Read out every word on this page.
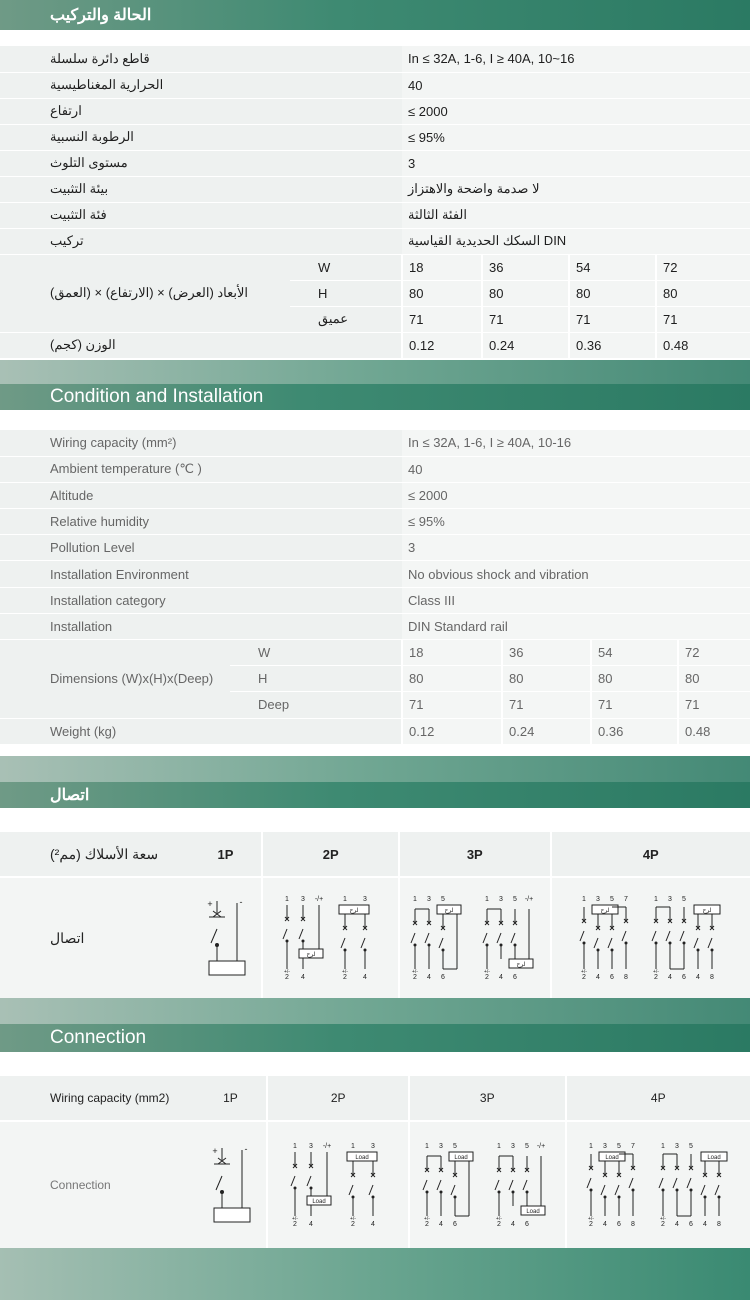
الحالة والتركيب
قاطع دائرة سلسلة		In ≤ 32A, 1-6, I ≥ 40A, 10~16			
الحرارية المغناطيسية		40			
ارتفاع		≤ 2000			
الرطوبة النسبية		≤ 95%			
مستوى التلوث		3			
بيئة التثبيت		لا صدمة واضحة والاهتزاز			
فئة التثبيت		الفئة الثالثة			
تركيب		السكك الحديدية القياسية DIN			
(الأبعاد (العرض) × (الارتفاع) × (العمق	W	18	36	54	72
	H	80	80	80	80
	عميق	71	71	71	71
(الوزن (كجم		0.12	0.24	0.36	0.48
Condition and Installation
Wiring capacity (mm²)		In ≤ 32A, 1-6, I ≥ 40A, 10-16			
Ambient temperature (℃ )		40			
Altitude		≤ 2000			
Relative humidity		≤ 95%			
Pollution Level		3			
Installation Environment		No obvious shock and vibration			
Installation category		Class III			
Installation		DIN Standard rail			
Dimensions (W)x(H)x(Deep)	W	18	36	54	72
	H	80	80	80	80
	Deep	71	71	71	71
Weight (kg)		0.12	0.24	0.36	0.48
اتصال
(سعة الأسلاك (مم²	1P	2P	3P	4P
اتصال
+	-	1 3 -/+
لرح
2 4
+/-
1 3
لرح
2 4
+/-
1 3 5
لرح
2 4 6
+/-
1 3 5 -/+
لرح
2 4 6
+/-
1 3 5 7
لرح
2 4 6 8
+/-
1 3 5
لرح
2 4 6 4 8
+/-
Connection
Wiring capacity (mm2)	1P	2P	3P	4P
Connection
+	-	1 3 -/+
Load
2 4
+/-
1 3
Load
2 4
+/-
1 3 5
Load
2 4 6
+/-
1 3 5 -/+
Load
2 4 6
+/-
1 3 5 7
Load
2 4 6 8
+/-
1 3 5
Load
2 4 6 4 8
+/-
